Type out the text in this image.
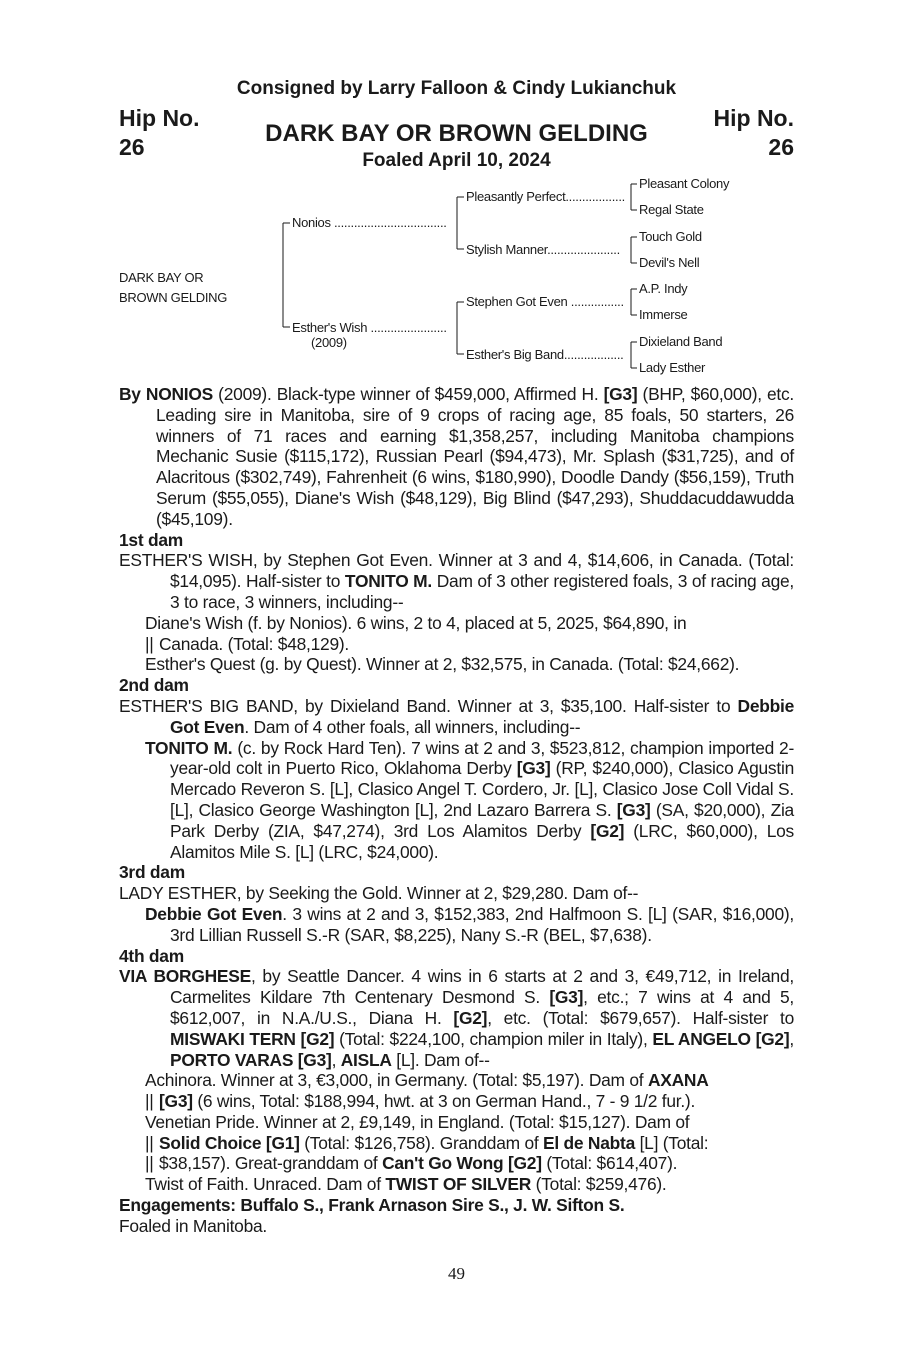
Consigned by Larry Falloon & Cindy Lukianchuk
Hip No.
26
Hip No.
26
DARK BAY OR BROWN GELDING
Foaled April 10, 2024
DARK BAY OR
BROWN GELDING
Nonios ..................................
Esther's Wish .......................
(2009)
Pleasantly Perfect..................
Stylish Manner......................
Stephen Got Even ................
Esther's Big Band..................
Pleasant Colony
Regal State
Touch Gold
Devil's Nell
A.P. Indy
Immerse
Dixieland Band
Lady Esther

By NONIOS (2009). Black-type winner of $459,000, Affirmed H. [G3] (BHP, $60,000), etc. Leading sire in Manitoba, sire of 9 crops of racing age, 85 foals, 50 starters, 26 winners of 71 races and earning $1,358,257, including Manitoba champions Mechanic Susie ($115,172), Russian Pearl ($94,473), Mr. Splash ($31,725), and of Alacritous ($302,749), Fahrenheit (6 wins, $180,990), Doodle Dandy ($56,159), Truth Serum ($55,055), Diane's Wish ($48,129), Big Blind ($47,293), Shuddacuddawudda ($45,109).

1st dam

ESTHER'S WISH, by Stephen Got Even. Winner at 3 and 4, $14,606, in Canada. (Total: $14,095). Half-sister to TONITO M. Dam of 3 other registered foals, 3 of racing age, 3 to race, 3 winners, including--

Diane's Wish (f. by Nonios). 6 wins, 2 to 4, placed at 5, 2025, $64,890, in

|| Canada. (Total: $48,129).

Esther's Quest (g. by Quest). Winner at 2, $32,575, in Canada. (Total: $24,662).

2nd dam

ESTHER'S BIG BAND, by Dixieland Band. Winner at 3, $35,100. Half-sister to Debbie Got Even. Dam of 4 other foals, all winners, including--

TONITO M. (c. by Rock Hard Ten). 7 wins at 2 and 3, $523,812, champion imported 2-year-old colt in Puerto Rico, Oklahoma Derby [G3] (RP, $240,000), Clasico Agustin Mercado Reveron S. [L], Clasico Angel T. Cordero, Jr. [L], Clasico Jose Coll Vidal S. [L], Clasico George Washington [L], 2nd Lazaro Barrera S. [G3] (SA, $20,000), Zia Park Derby (ZIA, $47,274), 3rd Los Alamitos Derby [G2] (LRC, $60,000), Los Alamitos Mile S. [L] (LRC, $24,000).

3rd dam

LADY ESTHER, by Seeking the Gold. Winner at 2, $29,280. Dam of--

Debbie Got Even. 3 wins at 2 and 3, $152,383, 2nd Halfmoon S. [L] (SAR, $16,000), 3rd Lillian Russell S.-R (SAR, $8,225), Nany S.-R (BEL, $7,638).

4th dam

VIA BORGHESE, by Seattle Dancer. 4 wins in 6 starts at 2 and 3, €49,712, in Ireland, Carmelites Kildare 7th Centenary Desmond S. [G3], etc.; 7 wins at 4 and 5, $612,007, in N.A./U.S., Diana H. [G2], etc. (Total: $679,657). Half-sister to MISWAKI TERN [G2] (Total: $224,100, champion miler in Italy), EL ANGELO [G2], PORTO VARAS [G3], AISLA [L]. Dam of--

Achinora. Winner at 3, €3,000, in Germany. (Total: $5,197). Dam of AXANA

|| [G3] (6 wins, Total: $188,994, hwt. at 3 on German Hand., 7 - 9 1/2 fur.).

Venetian Pride. Winner at 2, £9,149, in England. (Total: $15,127). Dam of

|| Solid Choice [G1] (Total: $126,758). Granddam of El de Nabta [L] (Total:

|| $38,157). Great-granddam of Can't Go Wong [G2] (Total: $614,407).

Twist of Faith. Unraced. Dam of TWIST OF SILVER (Total: $259,476).

Engagements: Buffalo S., Frank Arnason Sire S., J. W. Sifton S.

Foaled in Manitoba.

49
